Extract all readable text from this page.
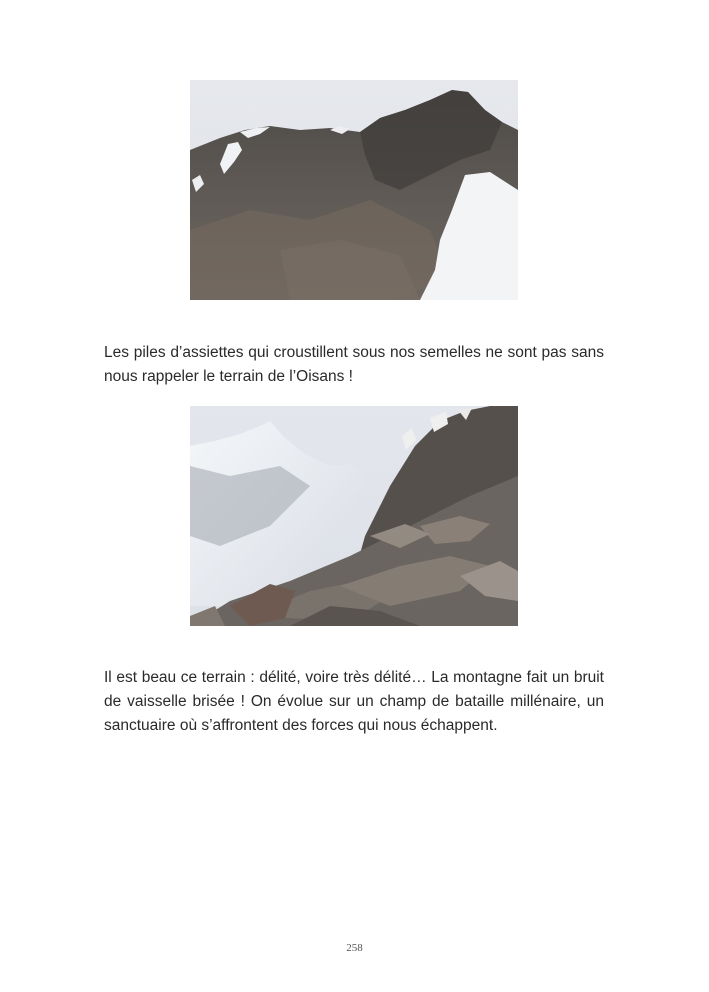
Les piles d’assiettes qui croustillent sous nos semelles ne sont pas sans nous rappeler le terrain de l’Oisans !

Il est beau ce terrain : délité, voire très délité… La montagne fait un bruit de vaisselle brisée ! On évolue sur un champ de bataille millénaire, un sanctuaire où s’affrontent des forces qui nous échappent.

258
